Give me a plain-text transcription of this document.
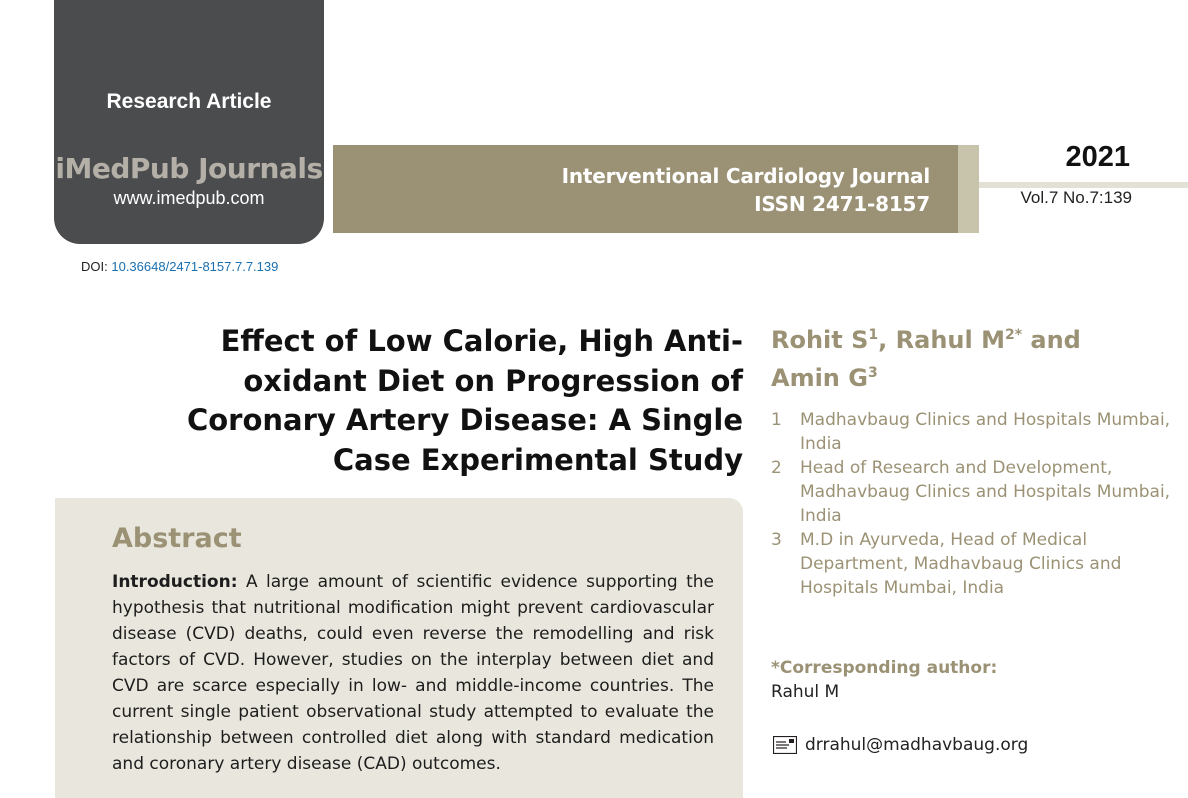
Research Article
iMedPub Journals
www.imedpub.com
Interventional Cardiology Journal
ISSN 2471-8157
2021
Vol.7 No.7:139
DOI: 10.36648/2471-8157.7.7.139
Effect of Low Calorie, High Anti-oxidant Diet on Progression of Coronary Artery Disease: A Single Case Experimental Study
Rohit $S^1$, Rahul $M^{2*}$ and Amin $G^3$
1 Madhavbaug Clinics and Hospitals Mumbai, India
2 Head of Research and Development, Madhavbaug Clinics and Hospitals Mumbai, India
3 M.D in Ayurveda, Head of Medical Department, Madhavbaug Clinics and Hospitals Mumbai, India
*Corresponding author:
Rahul M
drrahul@madhavbaug.org
Abstract
Introduction: A large amount of scientific evidence supporting the hypothesis that nutritional modification might prevent cardiovascular disease (CVD) deaths, could even reverse the remodelling and risk factors of CVD. However, studies on the interplay between diet and CVD are scarce especially in low- and middle-income countries. The current single patient observational study attempted to evaluate the relationship between controlled diet along with standard medication and coronary artery disease (CAD) outcomes.
